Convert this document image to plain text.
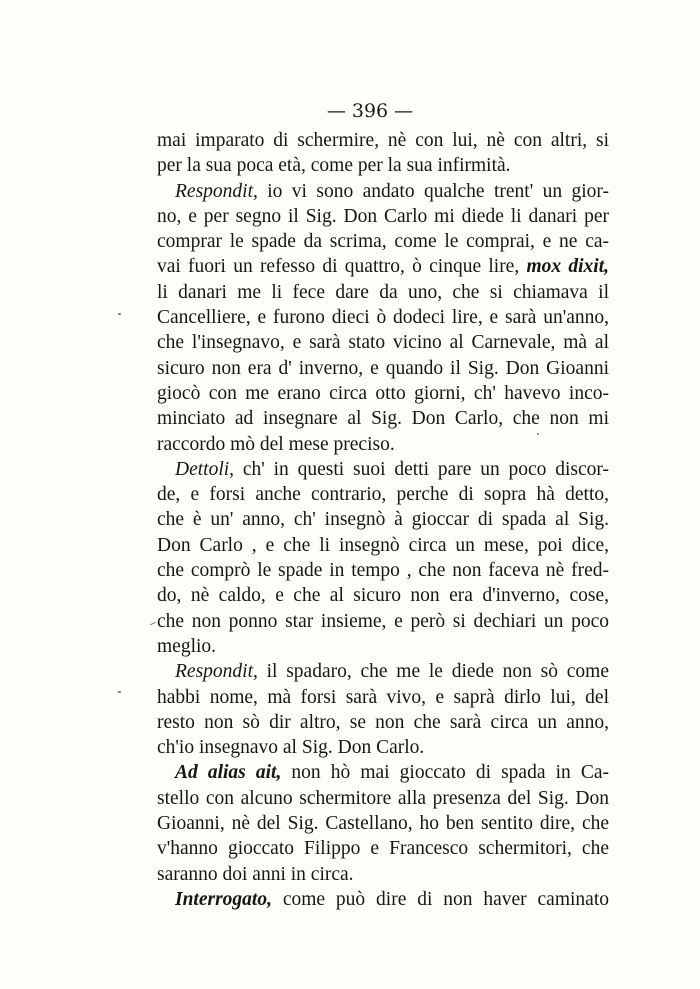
— 396 —
mai imparato di schermire, nè con lui, nè con altri, si
per la sua poca età, come per la sua infirmità.
Respondit, io vi sono andato qualche trent' un gior-
no, e per segno il Sig. Don Carlo mi diede li danari per
comprar le spade da scrima, come le comprai, e ne ca-
vai fuori un refesso di quattro, ò cinque lire, mox dixit,
li danari me li fece dare da uno, che si chiamava il
Cancelliere, e furono dieci ò dodeci lire, e sarà un'anno,
che l'insegnavo, e sarà stato vicino al Carnevale, mà al
sicuro non era d' inverno, e quando il Sig. Don Gioanni
giocò con me erano circa otto giorni, ch' havevo inco-
minciato ad insegnare al Sig. Don Carlo, che non mi
raccordo mò del mese preciso.
Dettoli, ch' in questi suoi detti pare un poco discor-
de, e forsi anche contrario, perche di sopra hà detto,
che è un' anno, ch' insegnò à gioccar di spada al Sig.
Don Carlo , e che li insegnò circa un mese, poi dice,
che comprò le spade in tempo , che non faceva nè fred-
do, nè caldo, e che al sicuro non era d'inverno, cose,
che non ponno star insieme, e però si dechiari un poco
meglio.
Respondit, il spadaro, che me le diede non sò come
habbi nome, mà forsi sarà vivo, e saprà dirlo lui, del
resto non sò dir altro, se non che sarà circa un anno,
ch'io insegnavo al Sig. Don Carlo.
Ad alias ait, non hò mai gioccato di spada in Ca-
stello con alcuno schermitore alla presenza del Sig. Don
Gioanni, nè del Sig. Castellano, ho ben sentito dire, che
v'hanno gioccato Filippo e Francesco schermitori, che
saranno doi anni in circa.
Interrogato, come può dire di non haver caminato
